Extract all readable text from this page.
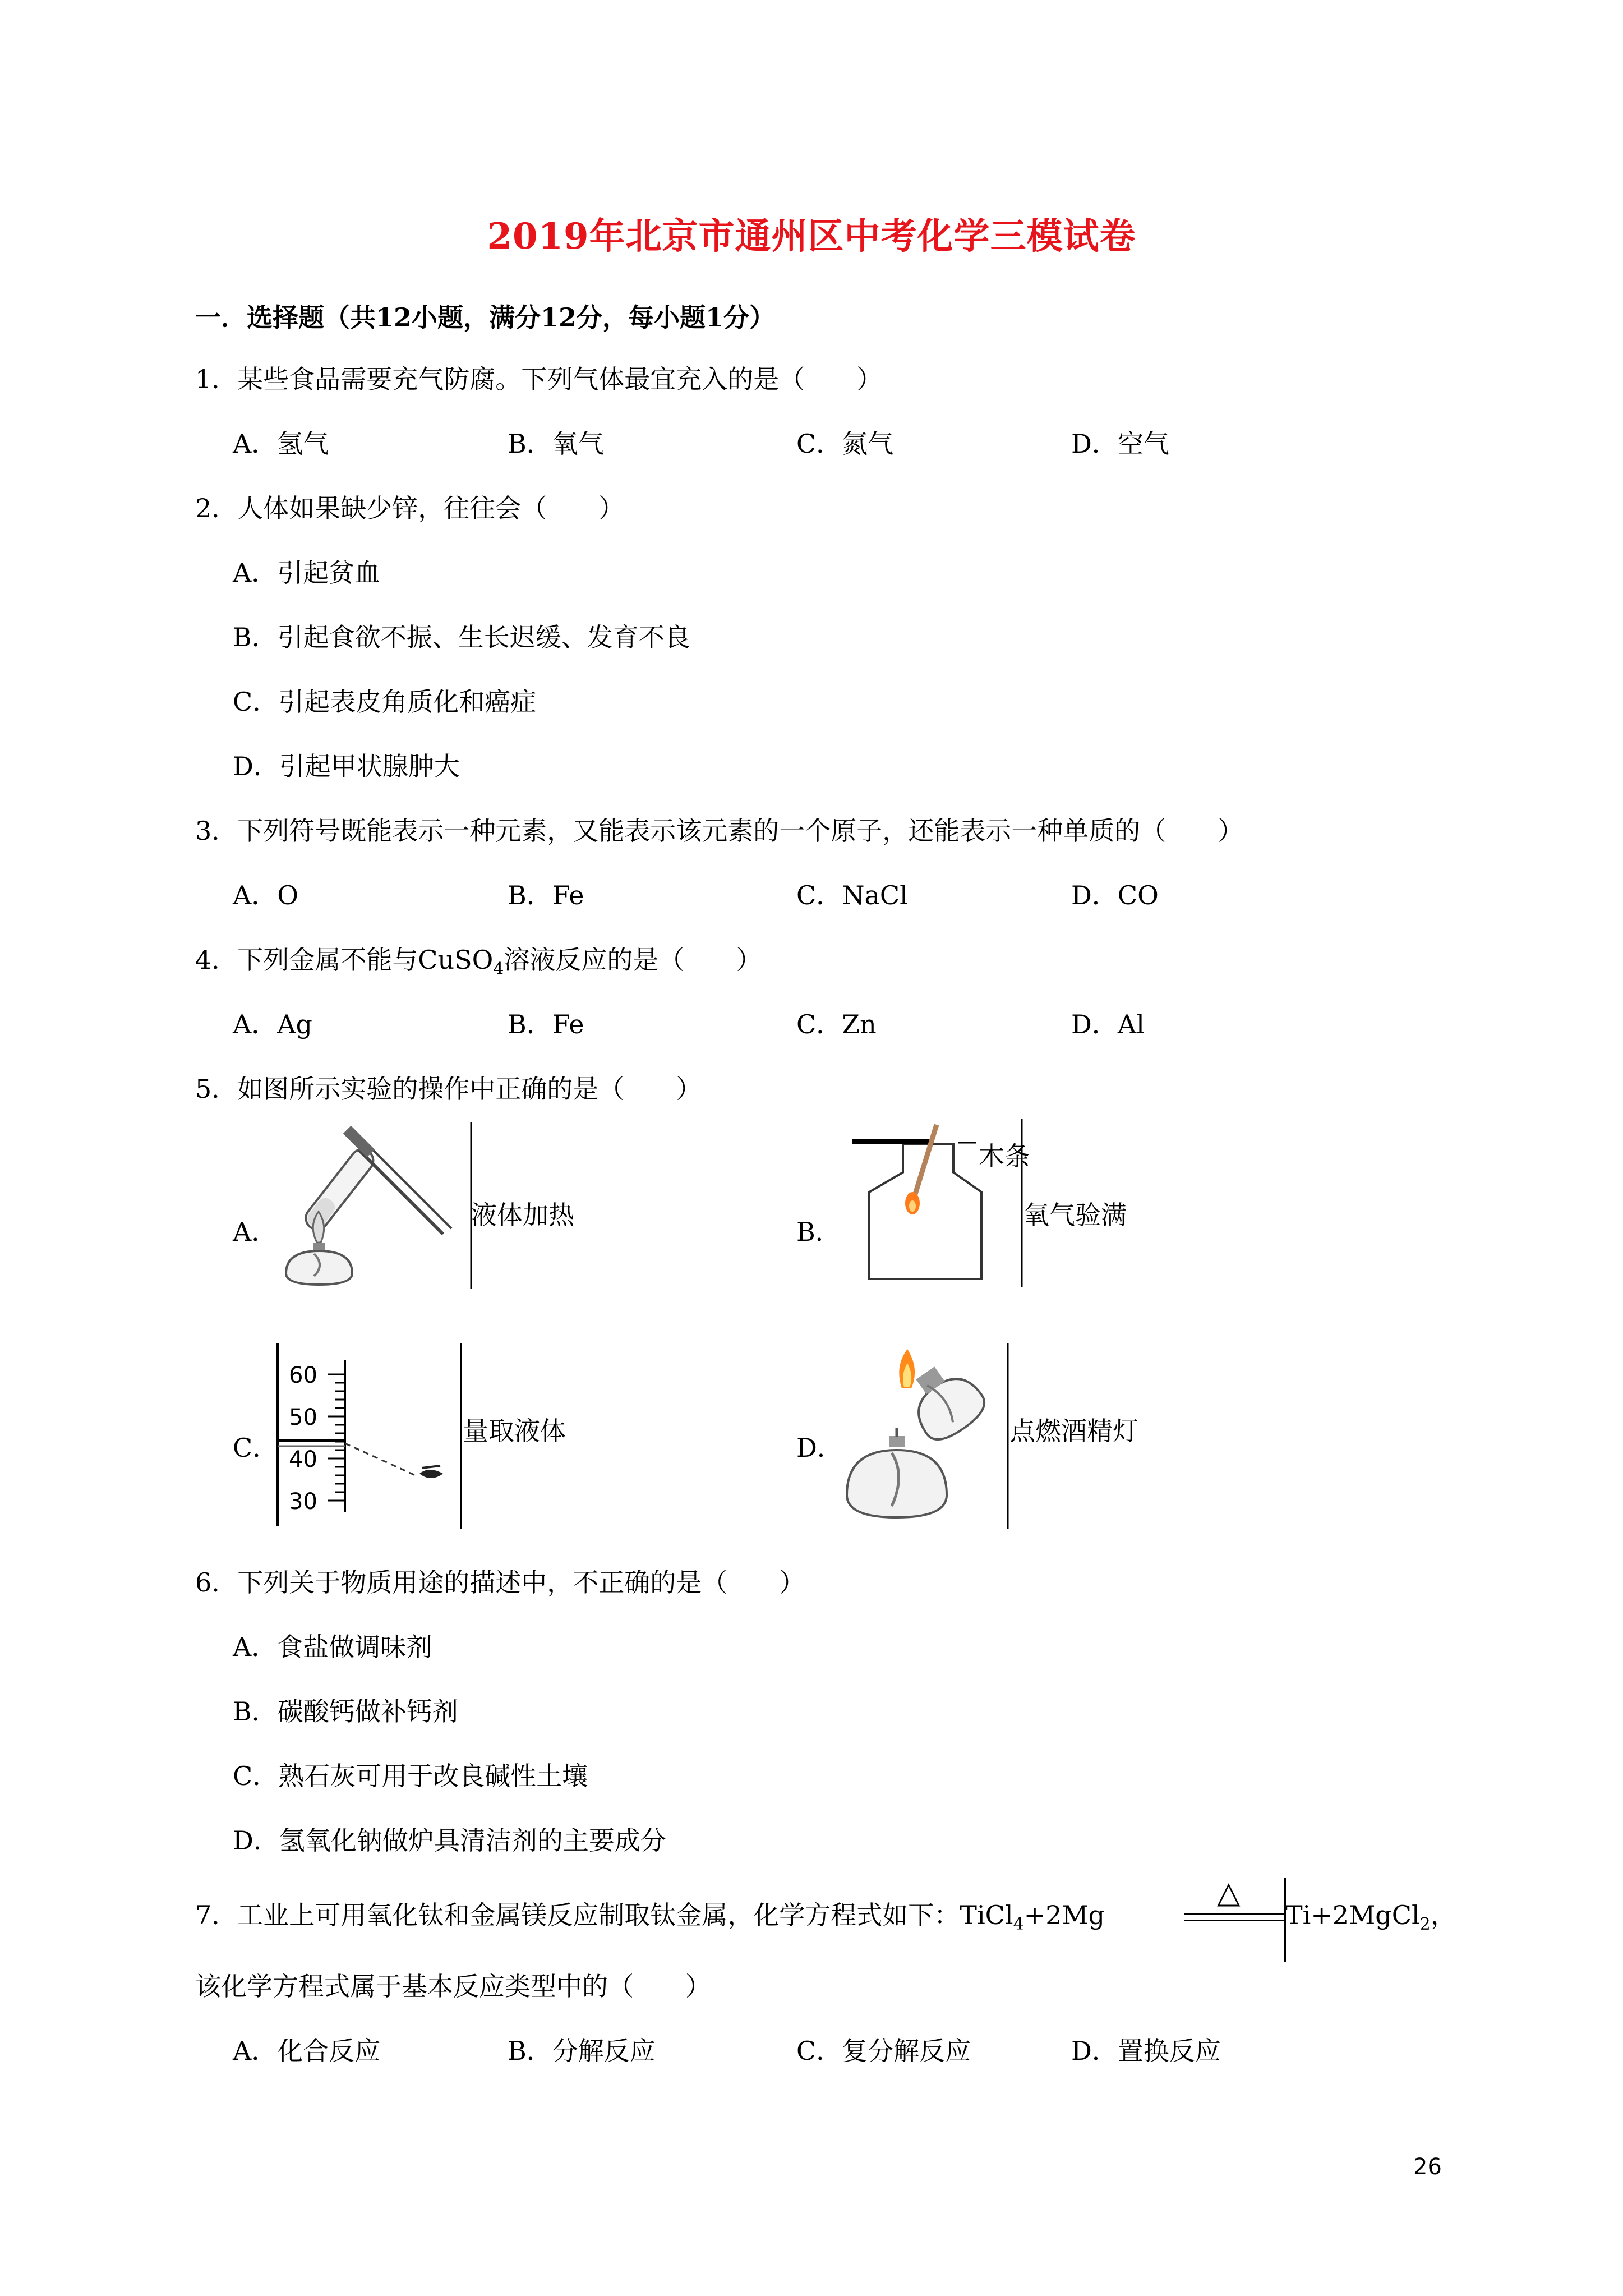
2019年北京市通州区中考化学三模试卷
一．选择题（共12小题，满分12分，每小题1分）
1．某些食品需要充气防腐。下列气体最宜充入的是（　　）
A．氢气	B．氧气	C．氮气	D．空气
2．人体如果缺少锌，往往会（　　）
A．引起贫血
B．引起食欲不振、生长迟缓、发育不良
C．引起表皮角质化和癌症
D．引起甲状腺肿大
3．下列符号既能表示一种元素，又能表示该元素的一个原子，还能表示一种单质的（　　）
A．O	B．Fe	C．NaCl	D．CO
4．下列金属不能与CuSO$_4$溶液反应的是（　　）
A．Ag	B．Fe	C．Zn	D．Al
5．如图所示实验的操作中正确的是（　　）
A．
液体加热
B．
木条
氧气验满
C．
60
50
40
30
量取液体
D．
点燃酒精灯
6．下列关于物质用途的描述中，不正确的是（　　）
A．食盐做调味剂
B．碳酸钙做补钙剂
C．熟石灰可用于改良碱性土壤
D．氢氧化钠做炉具清洁剂的主要成分
7．工业上可用氧化钛和金属镁反应制取钛金属，化学方程式如下：TiCl$_4$+2Mg
△
Ti+2MgCl$_2$，
该化学方程式属于基本反应类型中的（　　）
A．化合反应	B．分解反应	C．复分解反应	D．置换反应
26
